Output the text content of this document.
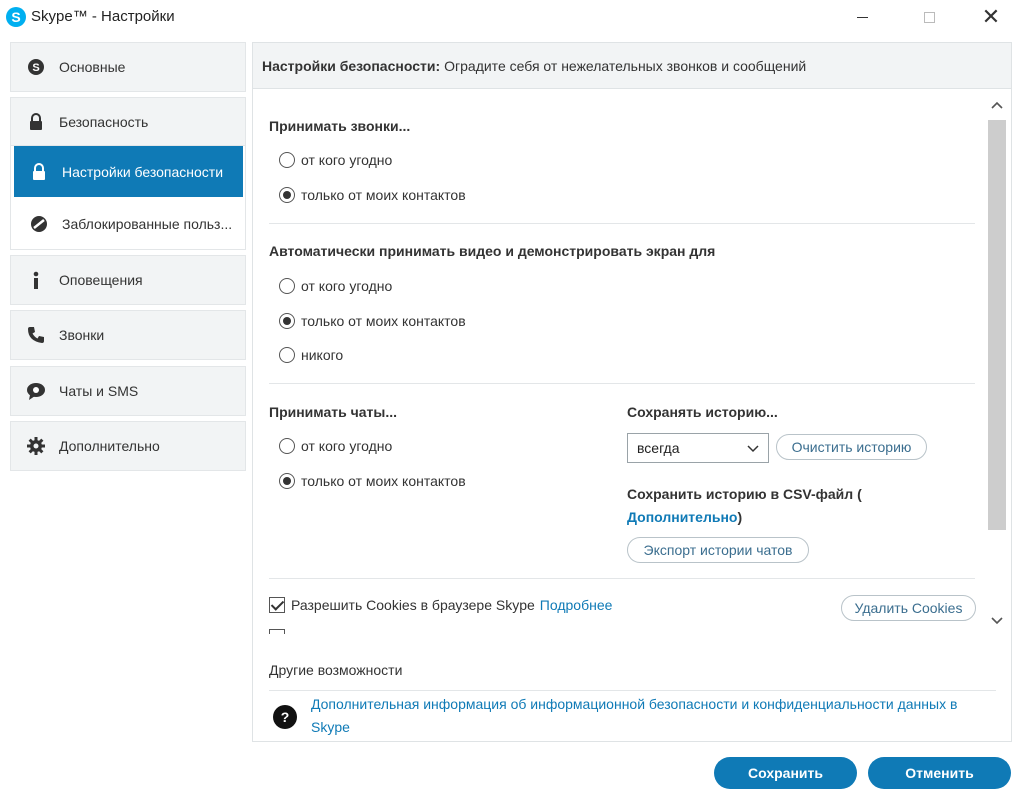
S Skype™ - Настройки	✕
S Основные
Безопасность
Настройки безопасности
Заблокированные польз...
Оповещения
Звонки
Чаты и SMS
Дополнительно
Настройки безопасности: Оградите себя от нежелательных звонков и сообщений
Принимать звонки...
от кого угодно
только от моих контактов
Автоматически принимать видео и демонстрировать экран для
от кого угодно
только от моих контактов
никого
Принимать чаты...
от кого угодно
только от моих контактов
Сохранять историю...
всегда	Очистить историю
Сохранить историю в CSV-файл (
Дополнительно)
Экспорт истории чатов
Разрешить Cookies в браузере Skype Подробнее	Удалить Cookies
Другие возможности
?
Дополнительная информация об информационной безопасности и конфиденциальности данных в Skype
Сохранить	Отменить
